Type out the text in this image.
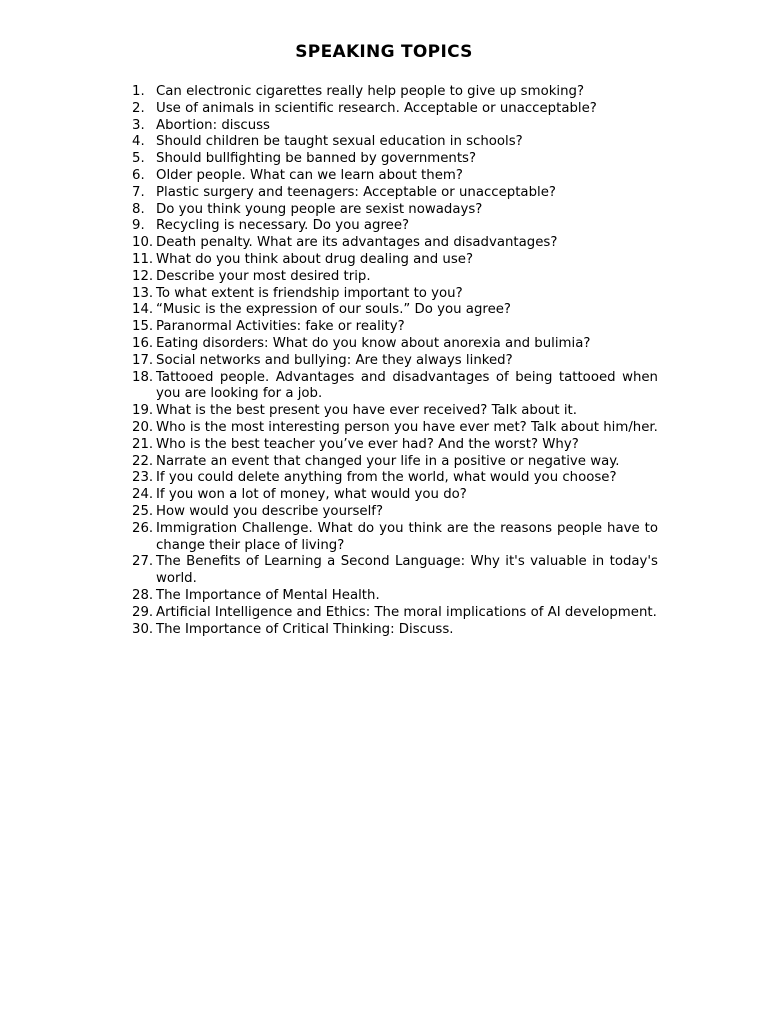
SPEAKING TOPICS
1. Can electronic cigarettes really help people to give up smoking?
2. Use of animals in scientific research. Acceptable or unacceptable?
3. Abortion: discuss
4. Should children be taught sexual education in schools?
5. Should bullfighting be banned by governments?
6. Older people. What can we learn about them?
7. Plastic surgery and teenagers: Acceptable or unacceptable?
8. Do you think young people are sexist nowadays?
9. Recycling is necessary. Do you agree?
10. Death penalty. What are its advantages and disadvantages?
11. What do you think about drug dealing and use?
12. Describe your most desired trip.
13. To what extent is friendship important to you?
14. “Music is the expression of our souls.” Do you agree?
15. Paranormal Activities: fake or reality?
16. Eating disorders: What do you know about anorexia and bulimia?
17. Social networks and bullying: Are they always linked?
18. Tattooed people. Advantages and disadvantages of being tattooed when you are looking for a job.
19. What is the best present you have ever received? Talk about it.
20. Who is the most interesting person you have ever met? Talk about him/her.
21. Who is the best teacher you’ve ever had? And the worst? Why?
22. Narrate an event that changed your life in a positive or negative way.
23. If you could delete anything from the world, what would you choose?
24. If you won a lot of money, what would you do?
25. How would you describe yourself?
26. Immigration Challenge. What do you think are the reasons people have to change their place of living?
27. The Benefits of Learning a Second Language: Why it's valuable in today's world.
28. The Importance of Mental Health.
29. Artificial Intelligence and Ethics: The moral implications of AI development.
30. The Importance of Critical Thinking: Discuss.
